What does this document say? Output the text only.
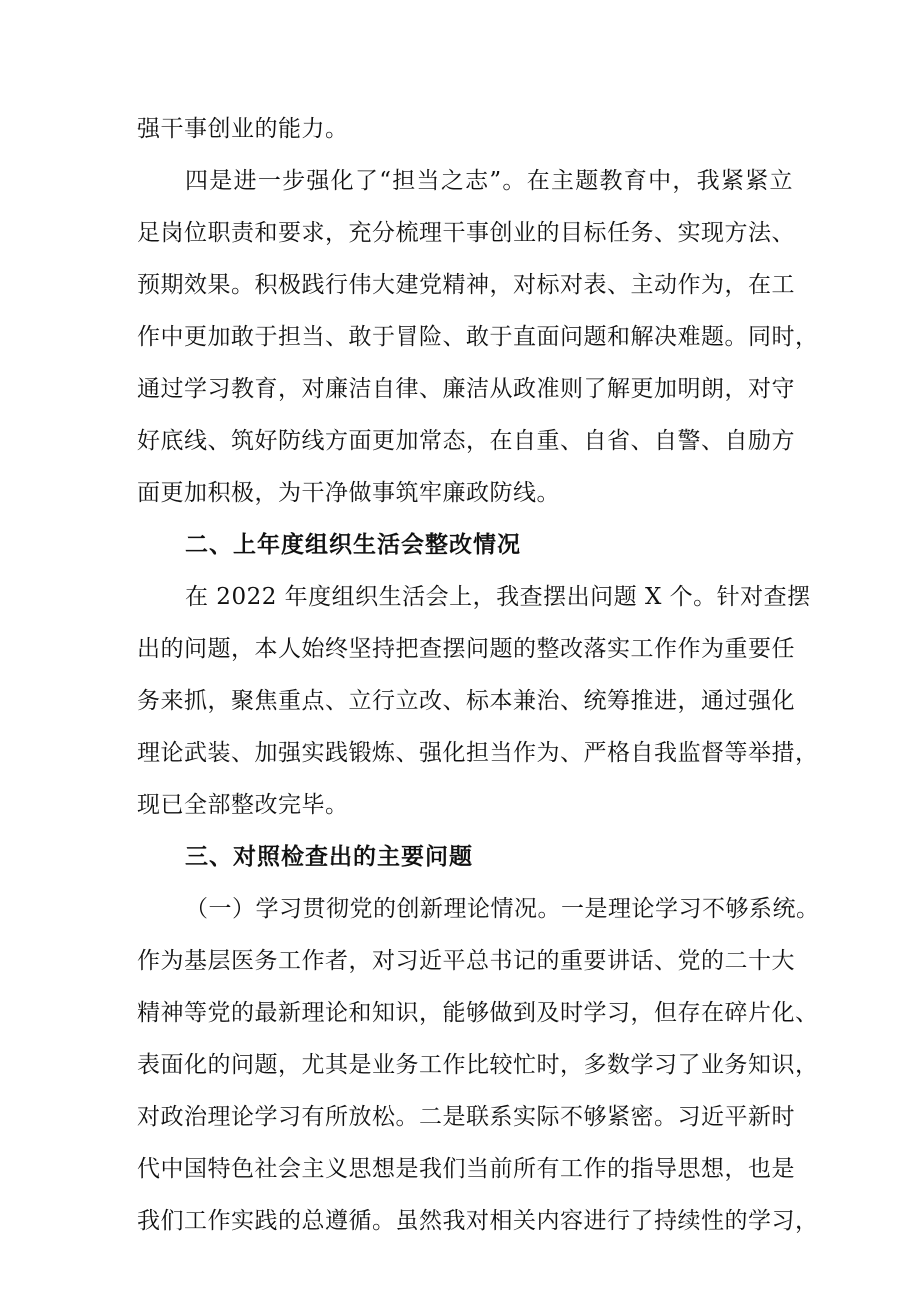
强干事创业的能力。
四是进一步强化了“担当之志”。在主题教育中，我紧紧立
足岗位职责和要求，充分梳理干事创业的目标任务、实现方法、
预期效果。积极践行伟大建党精神，对标对表、主动作为，在工
作中更加敢于担当、敢于冒险、敢于直面问题和解决难题。同时，
通过学习教育，对廉洁自律、廉洁从政准则了解更加明朗，对守
好底线、筑好防线方面更加常态，在自重、自省、自警、自励方
面更加积极，为干净做事筑牢廉政防线。
二、上年度组织生活会整改情况
在 2022 年度组织生活会上，我查摆出问题 X 个。针对查摆
出的问题，本人始终坚持把查摆问题的整改落实工作作为重要任
务来抓，聚焦重点、立行立改、标本兼治、统筹推进，通过强化
理论武装、加强实践锻炼、强化担当作为、严格自我监督等举措，
现已全部整改完毕。
三、对照检查出的主要问题
（一）学习贯彻党的创新理论情况。一是理论学习不够系统。
作为基层医务工作者，对习近平总书记的重要讲话、党的二十大
精神等党的最新理论和知识，能够做到及时学习，但存在碎片化、
表面化的问题，尤其是业务工作比较忙时，多数学习了业务知识，
对政治理论学习有所放松。二是联系实际不够紧密。习近平新时
代中国特色社会主义思想是我们当前所有工作的指导思想，也是
我们工作实践的总遵循。虽然我对相关内容进行了持续性的学习，
